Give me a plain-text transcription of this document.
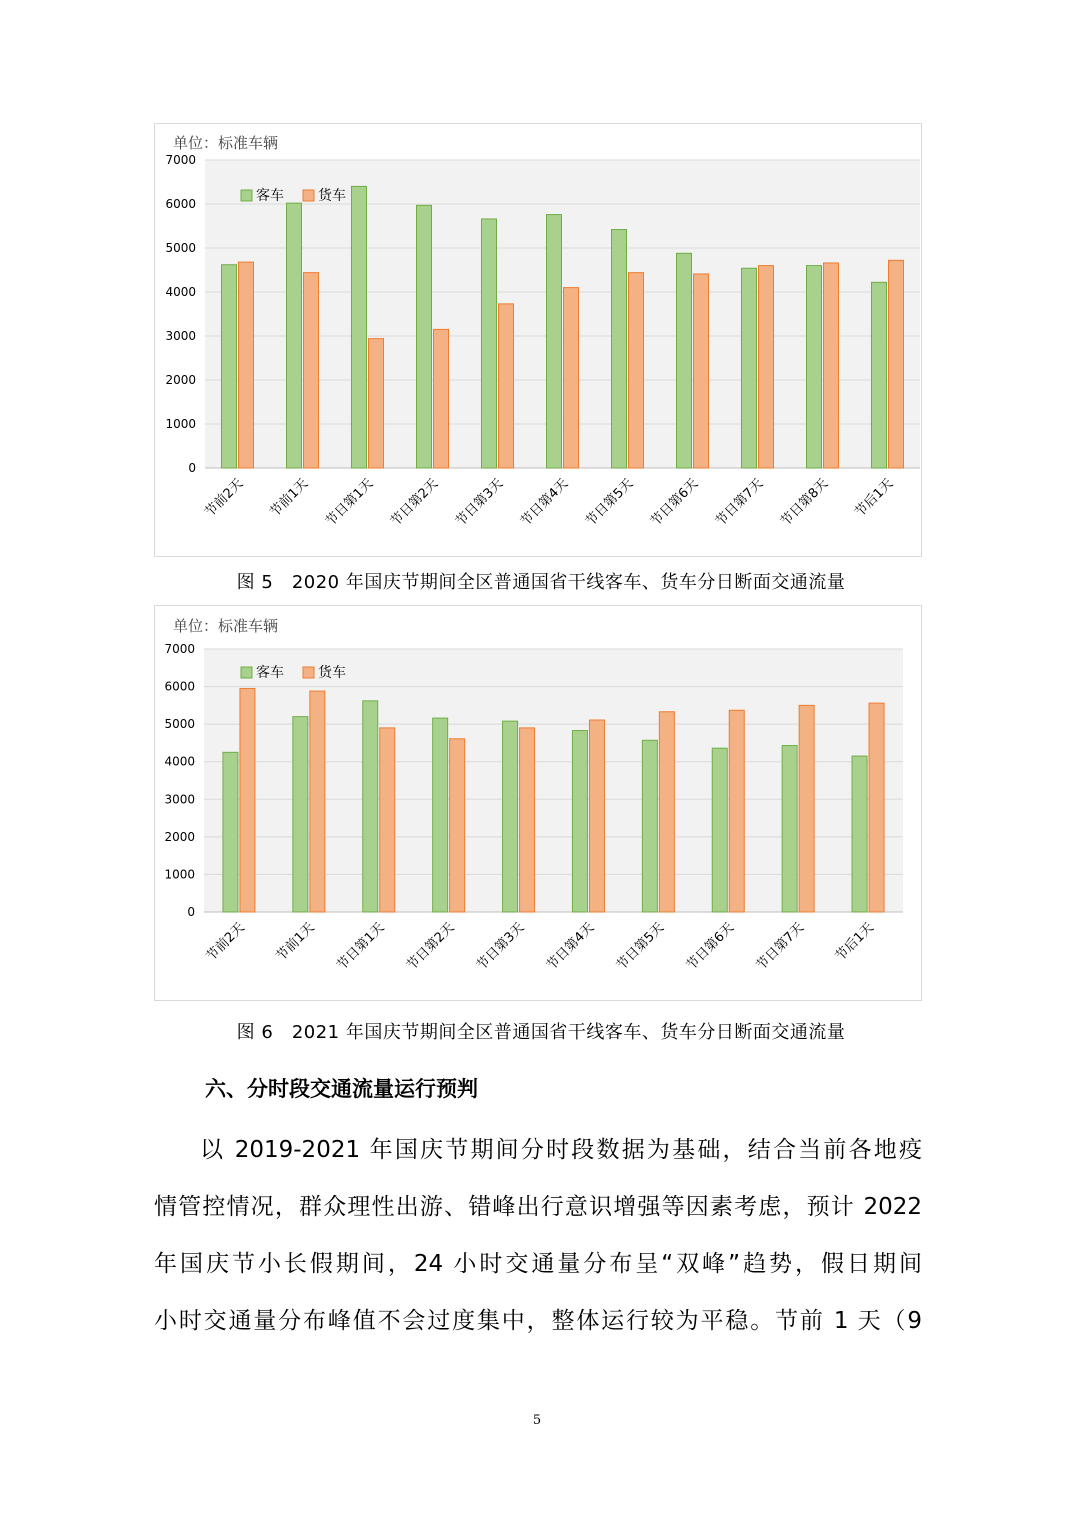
单位：标准车辆
0
1000
2000
3000
4000
5000
6000
7000
节前2天 节前1天 节日第1天 节日第2天 节日第3天 节日第4天 节日第5天 节日第6天 节日第7天 节日第8天 节后1天
客车 货车
图 5　2020 年国庆节期间全区普通国省干线客车、货车分日断面交通流量
单位：标准车辆
0
1000
2000
3000
4000
5000
6000
7000
节前2天 节前1天 节日第1天 节日第2天 节日第3天 节日第4天 节日第5天 节日第6天 节日第7天 节后1天
客车 货车
图 6　2021 年国庆节期间全区普通国省干线客车、货车分日断面交通流量
六、分时段交通流量运行预判
以 2019-2021 年国庆节期间分时段数据为基础，结合当前各地疫
情管控情况，群众理性出游、错峰出行意识增强等因素考虑，预计 2022
年国庆节小长假期间，24 小时交通量分布呈“双峰”趋势，假日期间
小时交通量分布峰值不会过度集中，整体运行较为平稳。节前 1 天（9
5
